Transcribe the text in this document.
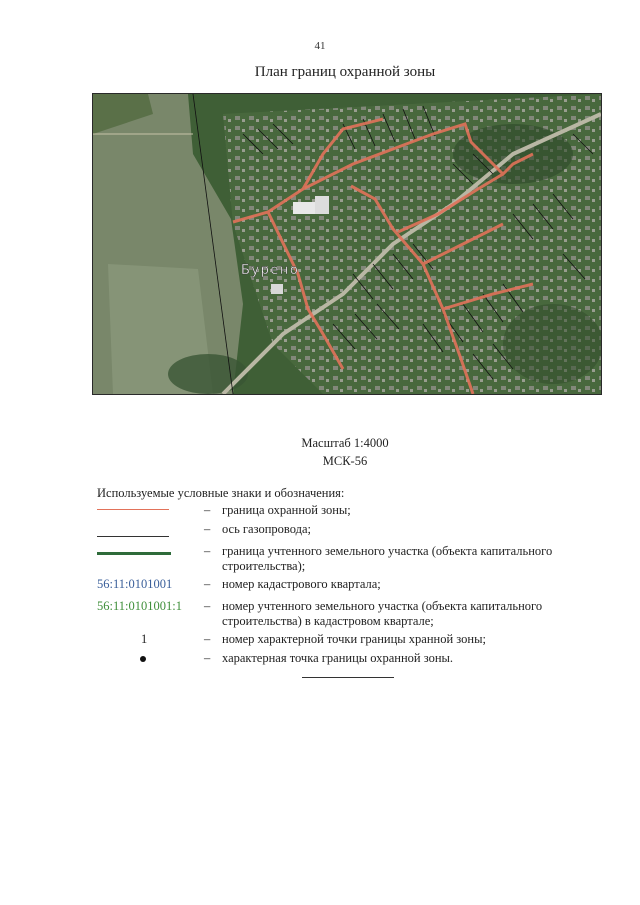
41
План границ охранной зоны
Бурено
Масштаб 1:4000
МСК-56
Используемые условные знаки и обозначения:
– граница охранной зоны;
– ось газопровода;
– граница учтенного земельного участка (объекта капитального строительства);
56:11:0101001	– номер кадастрового квартала;
56:11:0101001:1	– номер учтенного земельного участка (объекта капитального строительства) в кадастровом квартале;
1	– номер характерной точки границы хранной зоны;
– характерная точка границы охранной зоны.
